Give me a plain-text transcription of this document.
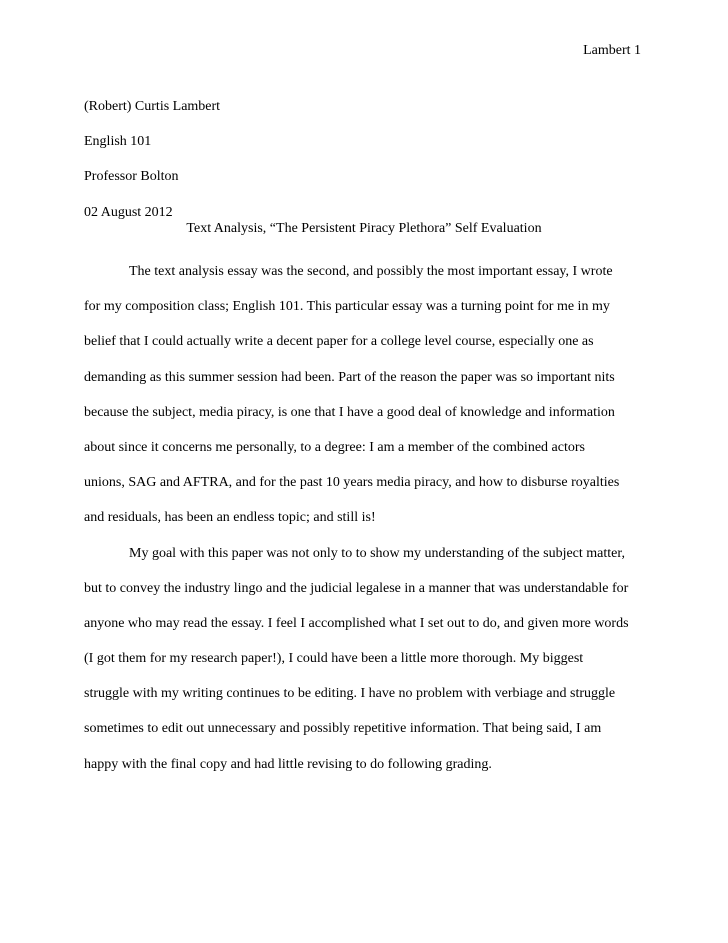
Lambert 1
(Robert) Curtis Lambert
English 101
Professor Bolton
02 August 2012
Text Analysis, “The Persistent Piracy Plethora” Self Evaluation
The text analysis essay was the second, and possibly the most important essay, I wrote
for my composition class; English 101. This particular essay was a turning point for me in my
belief that I could actually write a decent paper for a college level course, especially one as
demanding as this summer session had been. Part of the reason the paper was so important nits
because the subject, media piracy, is one that I have a good deal of knowledge and information
about since it concerns me personally, to a degree: I am a member of the combined actors
unions, SAG and AFTRA, and for the past 10 years media piracy, and how to disburse royalties
and residuals, has been an endless topic; and still is!
My goal with this paper was not only to to show my understanding of the subject matter,
but to convey the industry lingo and the judicial legalese in a manner that was understandable for
anyone who may read the essay. I feel I accomplished what I set out to do, and given more words
(I got them for my research paper!), I could have been a little more thorough. My biggest
struggle with my writing continues to be editing. I have no problem with verbiage and struggle
sometimes to edit out unnecessary and possibly repetitive information. That being said, I am
happy with the final copy and had little revising to do following grading.
